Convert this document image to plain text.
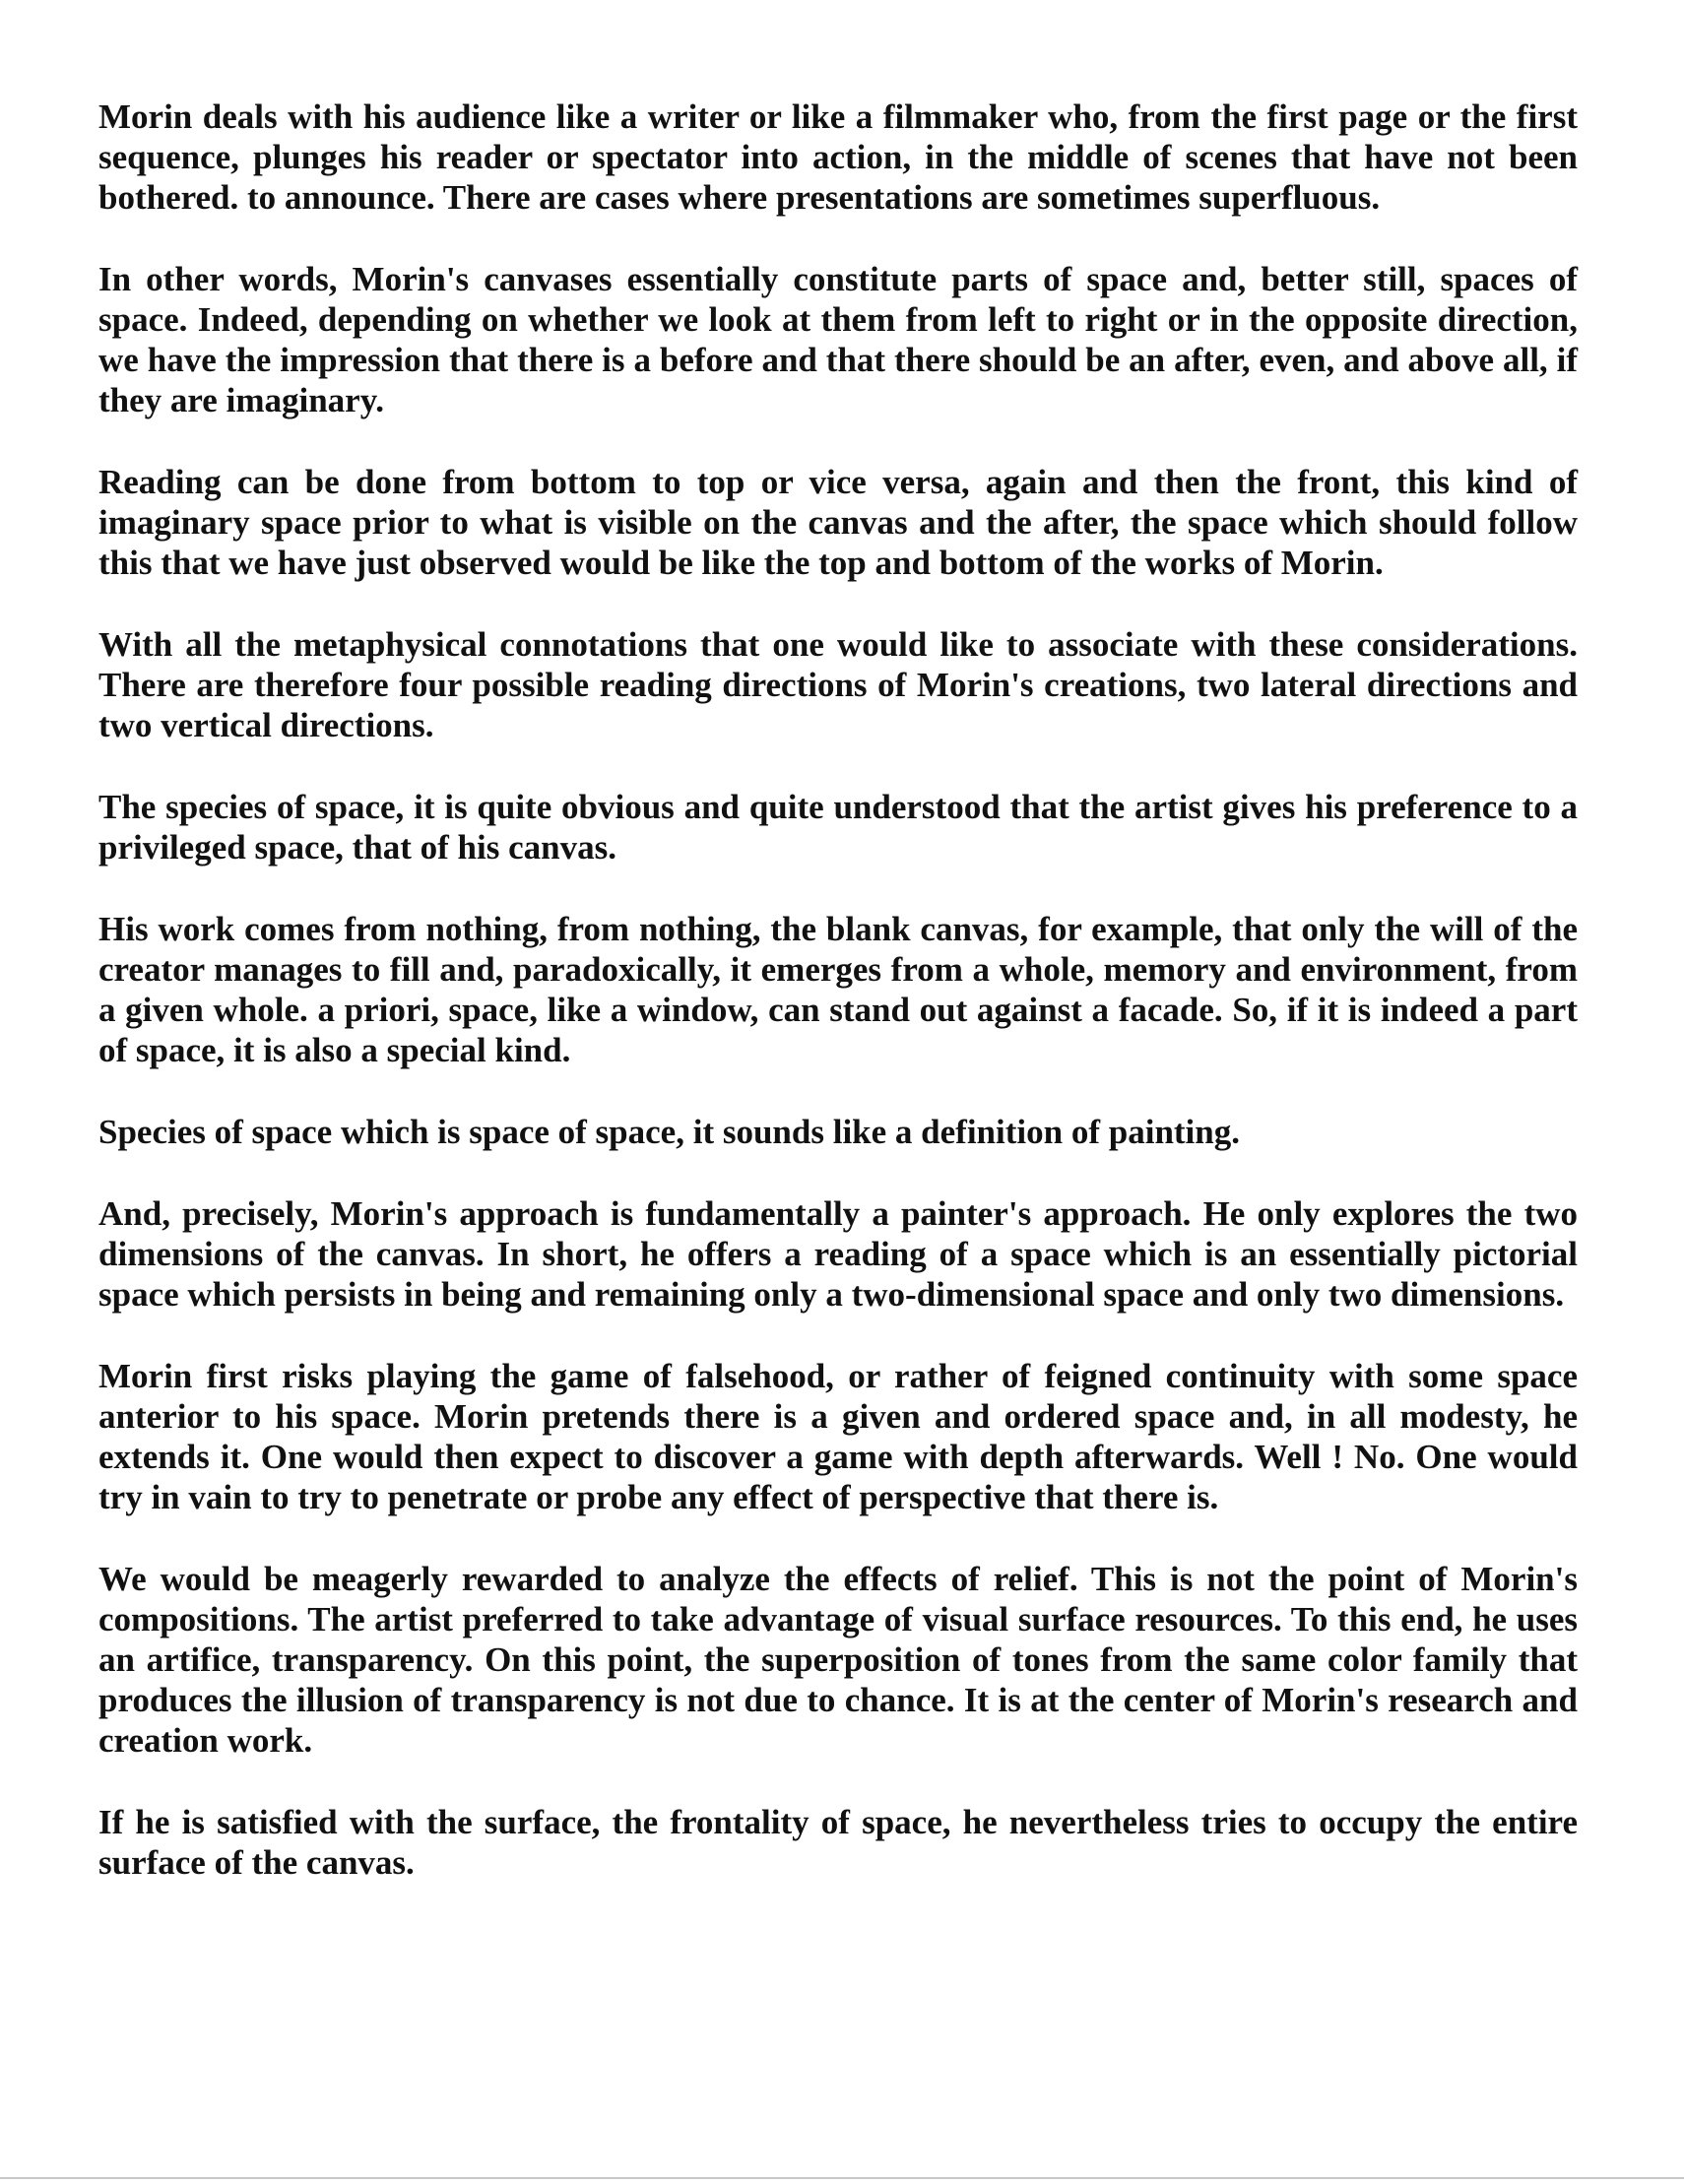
Morin deals with his audience like a writer or like a filmmaker who, from the first page or the first sequence, plunges his reader or spectator into action, in the middle of scenes that have not been bothered. to announce. There are cases where presentations are sometimes superfluous.

In other words, Morin's canvases essentially constitute parts of space and, better still, spaces of space. Indeed, depending on whether we look at them from left to right or in the opposite direction, we have the impression that there is a before and that there should be an after, even, and above all, if they are imaginary.

Reading can be done from bottom to top or vice versa, again and then the front, this kind of imaginary space prior to what is visible on the canvas and the after, the space which should follow this that we have just observed would be like the top and bottom of the works of Morin.

With all the metaphysical connotations that one would like to associate with these considerations. There are therefore four possible reading directions of Morin's creations, two lateral directions and two vertical directions.

The species of space, it is quite obvious and quite understood that the artist gives his preference to a privileged space, that of his canvas.

His work comes from nothing, from nothing, the blank canvas, for example, that only the will of the creator manages to fill and, paradoxically, it emerges from a whole, memory and environment, from a given whole. a priori, space, like a window, can stand out against a facade. So, if it is indeed a part of space, it is also a special kind.

Species of space which is space of space, it sounds like a definition of painting.

And, precisely, Morin's approach is fundamentally a painter's approach. He only explores the two dimensions of the canvas. In short, he offers a reading of a space which is an essentially pictorial space which persists in being and remaining only a two-dimensional space and only two dimensions.

Morin first risks playing the game of falsehood, or rather of feigned continuity with some space anterior to his space. Morin pretends there is a given and ordered space and, in all modesty, he extends it. One would then expect to discover a game with depth afterwards. Well ! No. One would try in vain to try to penetrate or probe any effect of perspective that there is.

We would be meagerly rewarded to analyze the effects of relief. This is not the point of Morin's compositions. The artist preferred to take advantage of visual surface resources. To this end, he uses an artifice, transparency. On this point, the superposition of tones from the same color family that produces the illusion of transparency is not due to chance. It is at the center of Morin's research and creation work.

If he is satisfied with the surface, the frontality of space, he nevertheless tries to occupy the entire surface of the canvas.
